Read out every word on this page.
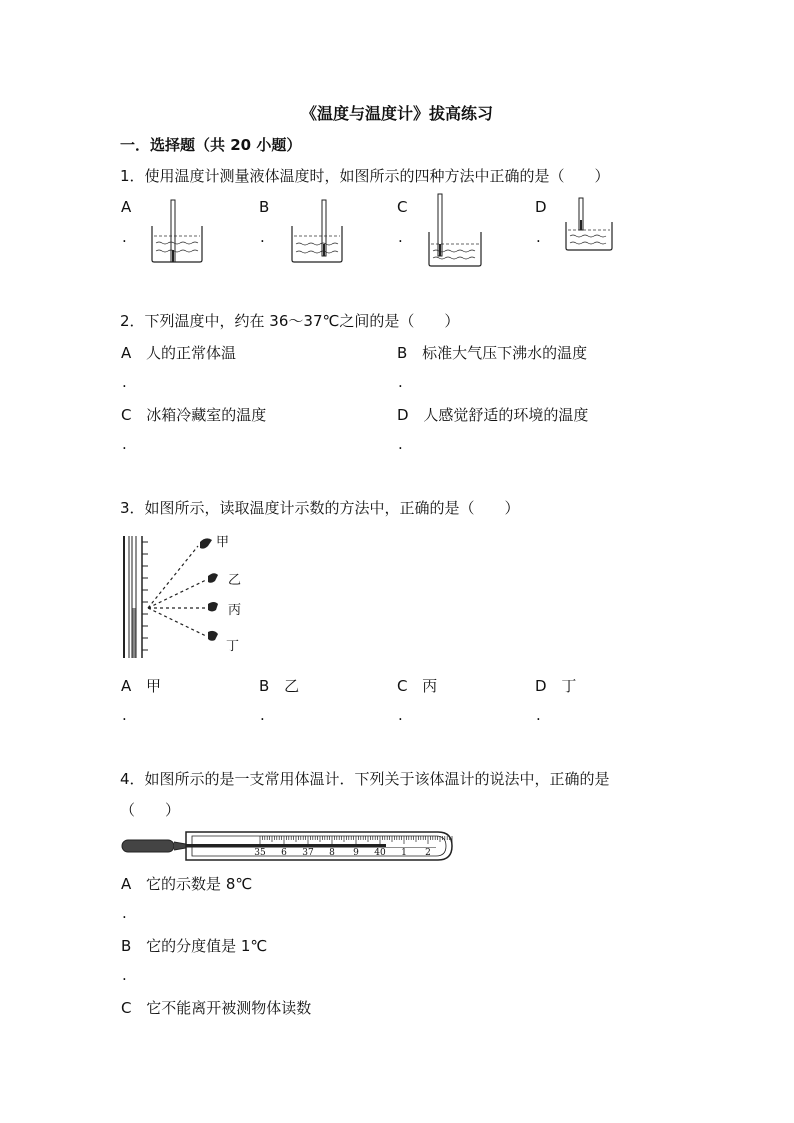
《温度与温度计》拔高练习
一．选择题（共 20 小题）
1．使用温度计测量液体温度时，如图所示的四种方法中正确的是（　　）
A
.
B
.
C
.
D
.
2．下列温度中，约在 36～37℃之间的是（　　）
A 人的正常体温
.
B 标准大气压下沸水的温度
.
C 冰箱冷藏室的温度
.
D 人感觉舒适的环境的温度
.
3．如图所示，读取温度计示数的方法中，正确的是（　　）
甲
乙
丙
丁
A 甲
.
B 乙
.
C 丙
.
D 丁
.
4．如图所示的是一支常用体温计．下列关于该体温计的说法中，正确的是
（　　）
35 6 37 8 9 40 1 2
A 它的示数是 8℃
.
B 它的分度值是 1℃
.
C 它不能离开被测物体读数
